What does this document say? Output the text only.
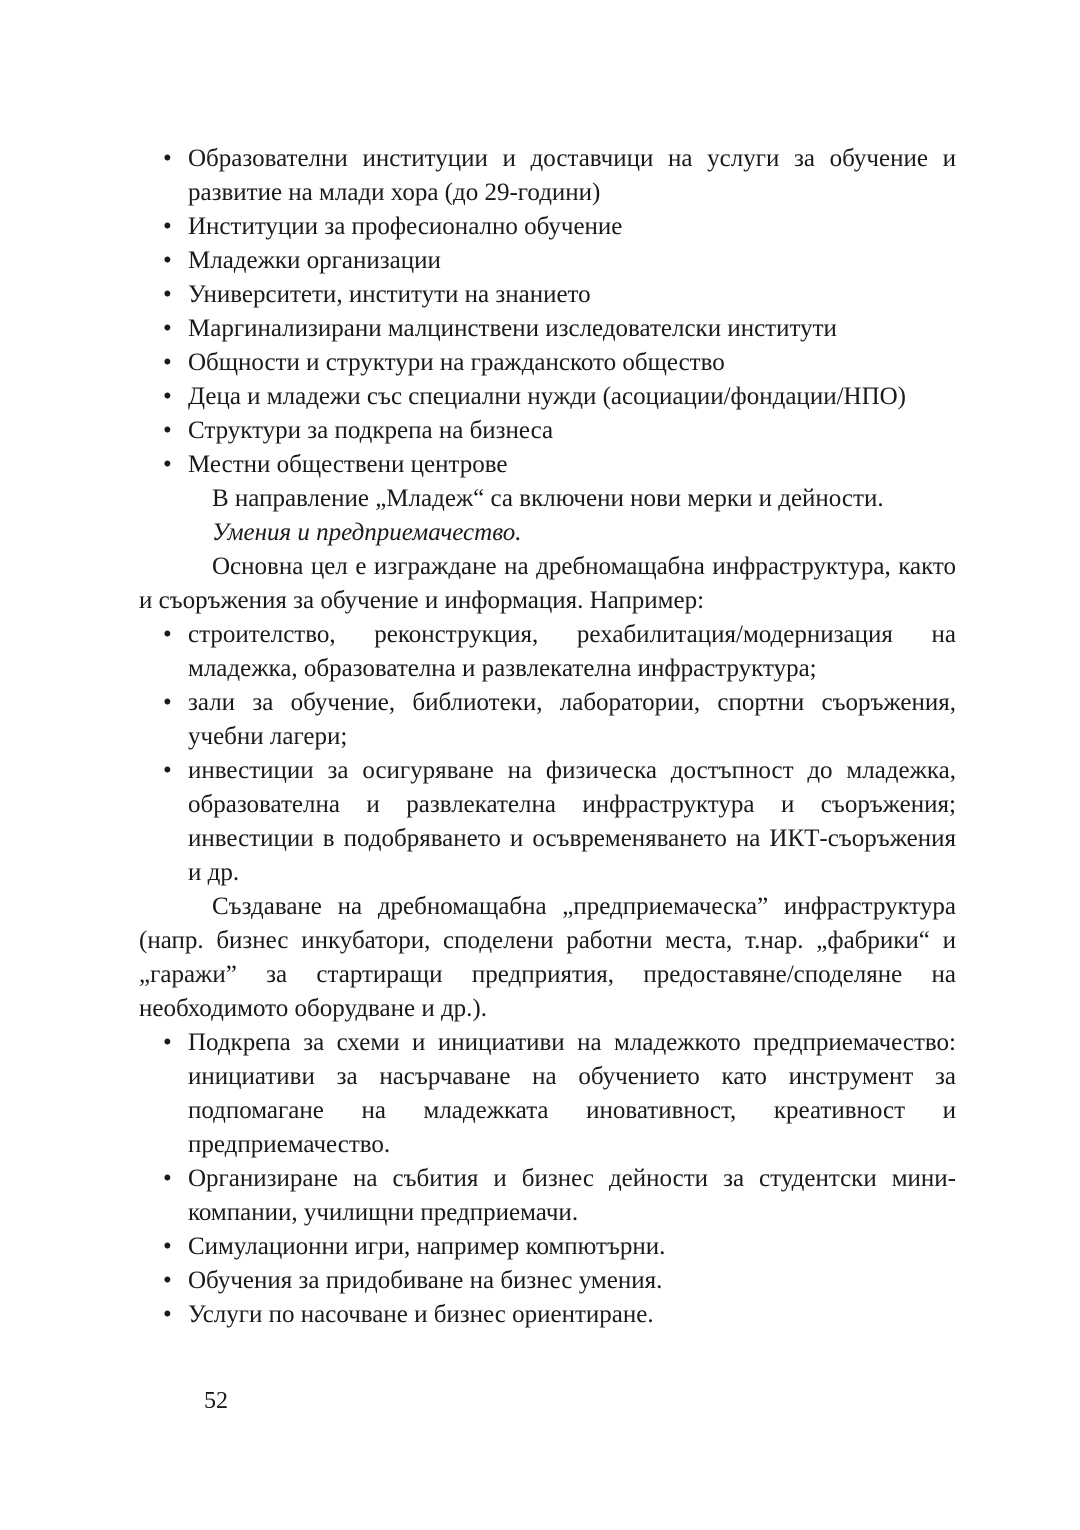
• Образователни институции и доставчици на услуги за обучение и развитие на млади хора (до 29-години)
• Институции за професионално обучение
• Младежки организации
• Университети, институти на знанието
• Маргинализирани малцинствени изследователски институти
• Общности и структури на гражданското общество
• Деца и младежи със специални нужди (асоциации/фондации/НПО)
• Структури за подкрепа на бизнеса
• Местни обществени центрове

В направление „Младеж“ са включени нови мерки и дейности.

Умения и предприемачество.

Основна цел е изграждане на дребномащабна инфраструктура, както и съоръжения за обучение и информация. Например:

• строителство, реконструкция, рехабилитация/модернизация на младежка, образователна и развлекателна инфраструктура;
• зали за обучение, библиотеки, лаборатории, спортни съоръжения, учебни лагери;
• инвестиции за осигуряване на физическа достъпност до младежка, образователна и развлекателна инфраструктура и съоръжения; инвестиции в подобряването и осъвременяването на ИКТ-съоръжения и др.

Създаване на дребномащабна „предприемаческа” инфраструктура (напр. бизнес инкубатори, споделени работни места, т.нар. „фабрики“ и „гаражи” за стартиращи предприятия, предоставяне/споделяне на необходимото оборудване и др.).

• Подкрепа за схеми и инициативи на младежкото предприемачество: инициативи за насърчаване на обучението като инструмент за подпомагане на младежката иновативност, креативност и предприемачество.
• Организиране на събития и бизнес дейности за студентски мини-компании, училищни предприемачи.
• Симулационни игри, например компютърни.
• Обучения за придобиване на бизнес умения.
• Услуги по насочване и бизнес ориентиране.
52
